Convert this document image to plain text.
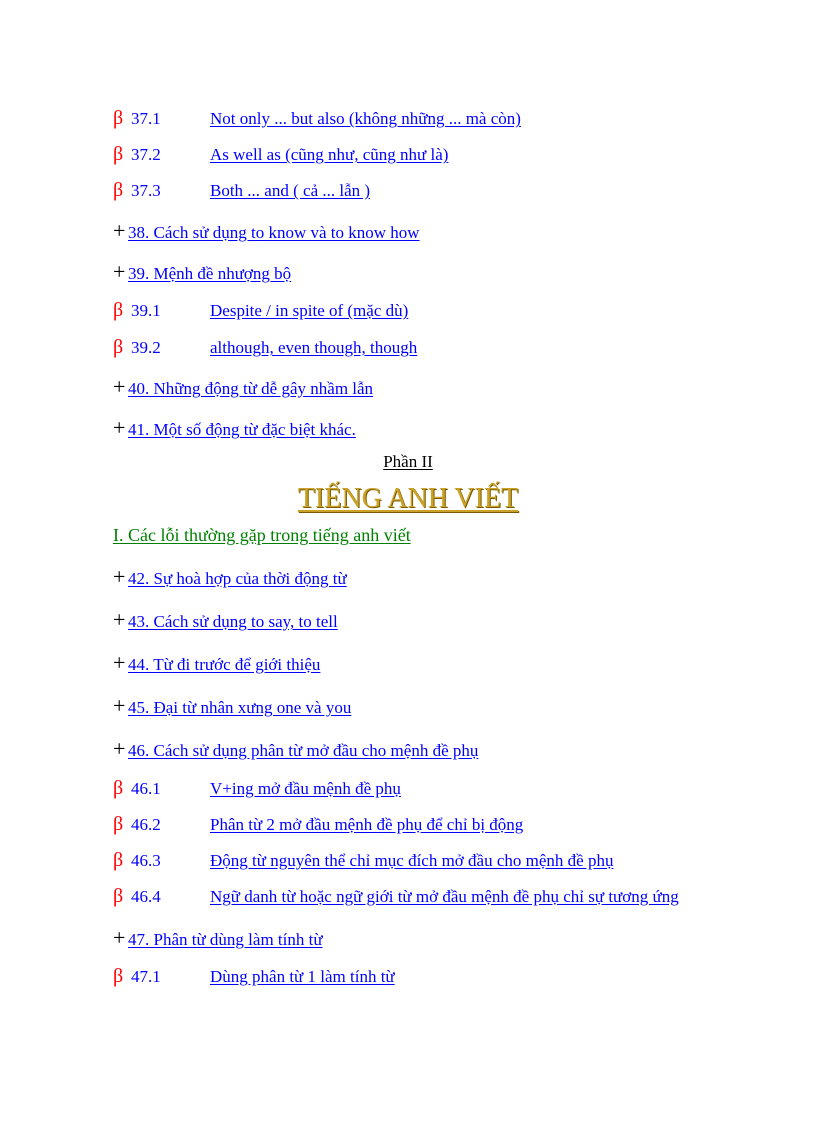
β 37.1	Not only ... but also (không những ... mà còn)
β 37.2	As well as (cũng như, cũng như là)
β 37.3	Both ... and ( cả ... lẫn )
+ 38. Cách sử dụng to know và to know how
+ 39. Mệnh đề nhượng bộ
β 39.1	Despite / in spite of (mặc dù)
β 39.2	although, even though, though
+ 40. Những động từ dễ gây nhầm lẫn
+ 41. Một số động từ đặc biệt khác.
Phần II
TIẾNG ANH VIẾT
I. Các lỗi thường gặp trong tiếng anh viết
+ 42. Sự hoà hợp của thời động từ
+ 43. Cách sử dụng to say, to tell
+ 44. Từ đi trước để giới thiệu
+ 45. Đại từ nhân xưng one và you
+ 46. Cách sử dụng phân từ mở đầu cho mệnh đề phụ
β 46.1	V+ing mở đầu mệnh đề phụ
β 46.2	Phân từ 2 mở đầu mệnh đề phụ để chỉ bị động
β 46.3	Động từ nguyên thể chỉ mục đích mở đầu cho mệnh đề phụ
β 46.4	Ngữ danh từ hoặc ngữ giới từ mở đầu mệnh đề phụ chỉ sự tương ứng
+ 47. Phân từ dùng làm tính từ
β 47.1	Dùng phân từ 1 làm tính từ
